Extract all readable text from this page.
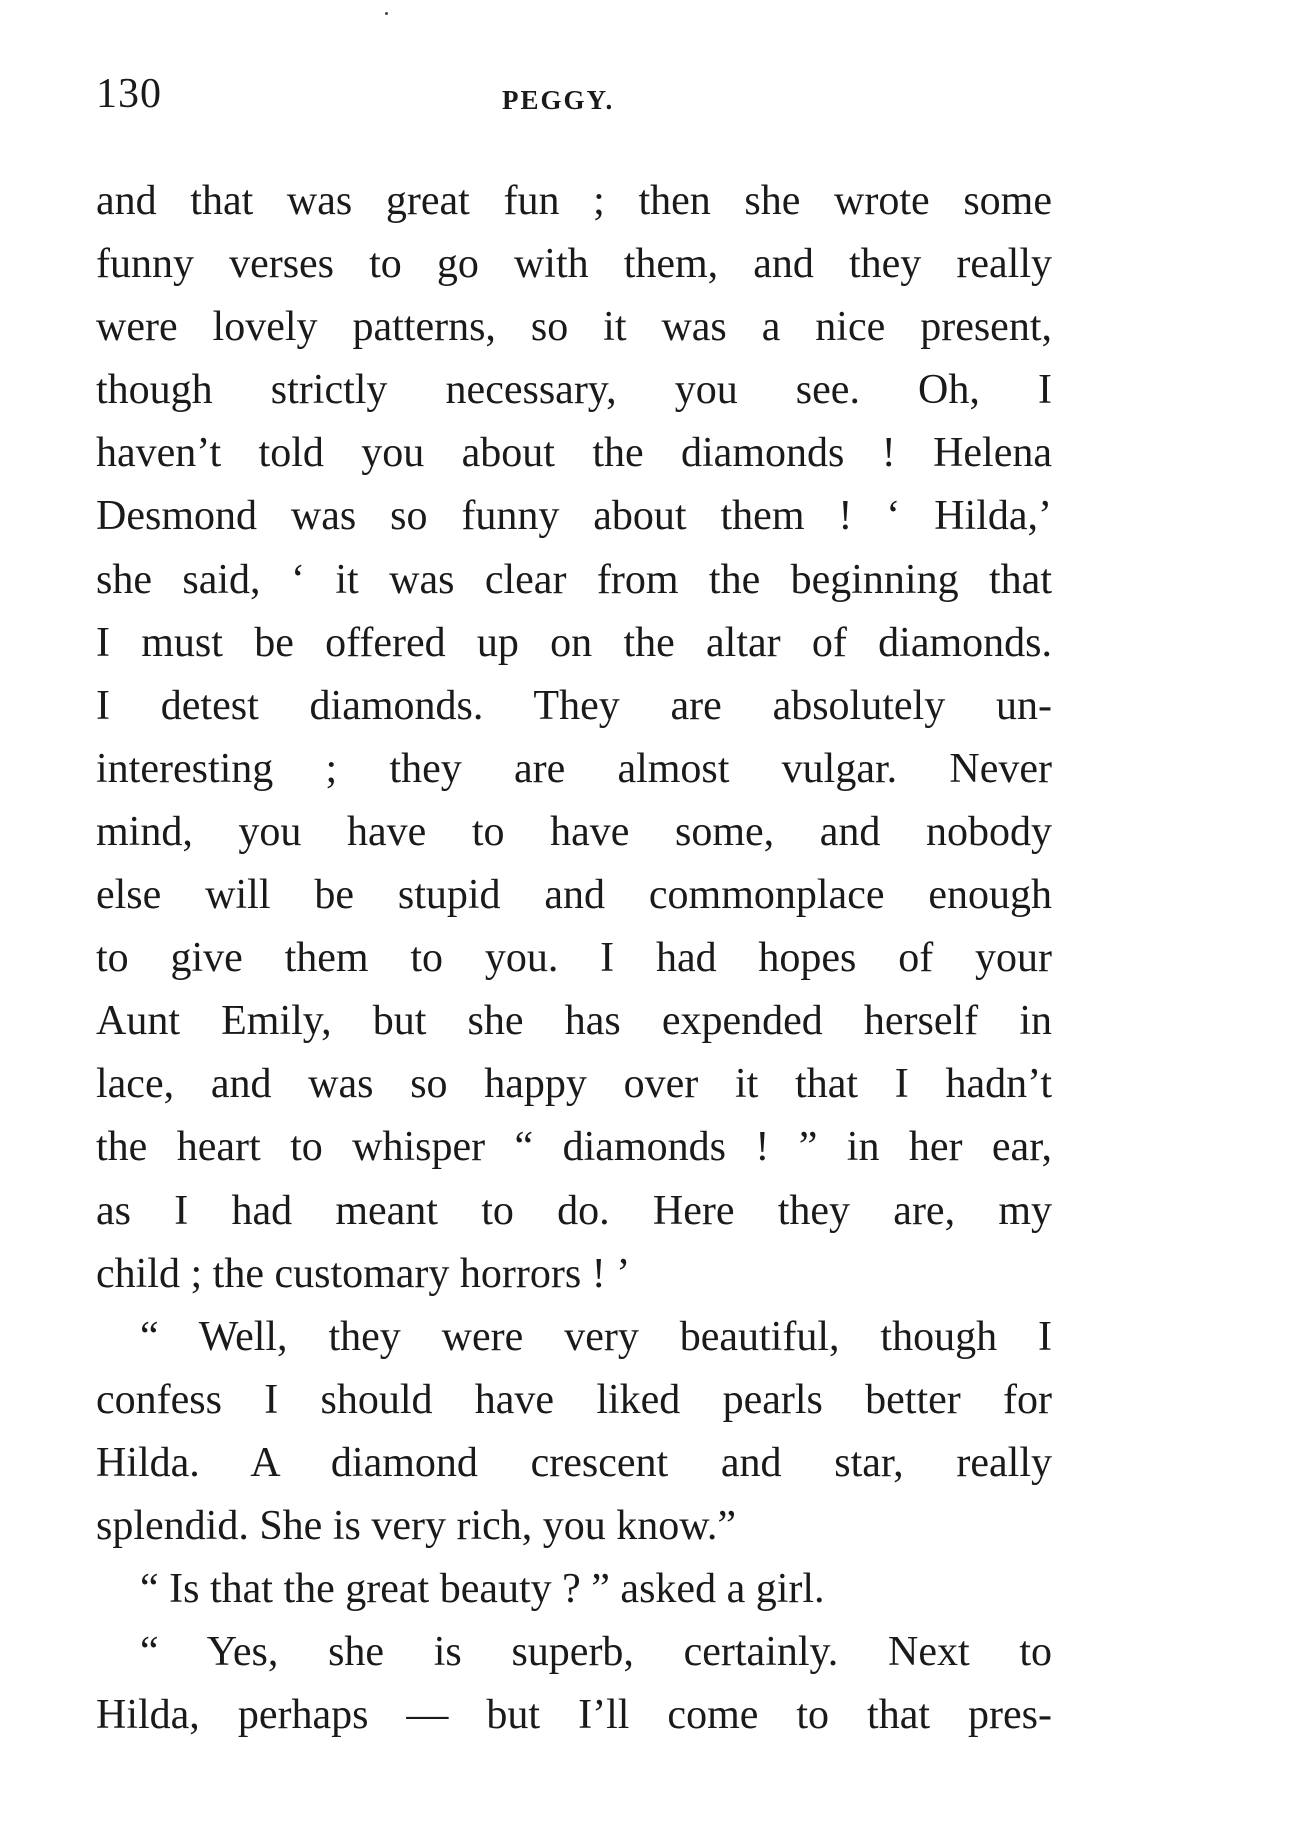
130	PEGGY.
and that was great fun ; then she wrote some
funny verses to go with them, and they really
were lovely patterns, so it was a nice present,
though strictly necessary, you see. Oh, I
haven’t told you about the diamonds ! Helena
Desmond was so funny about them ! ‘ Hilda,’
she said, ‘ it was clear from the beginning that
I must be offered up on the altar of diamonds.
I detest diamonds. They are absolutely un-
interesting ; they are almost vulgar. Never
mind, you have to have some, and nobody
else will be stupid and commonplace enough
to give them to you. I had hopes of your
Aunt Emily, but she has expended herself in
lace, and was so happy over it that I hadn’t
the heart to whisper “ diamonds ! ” in her ear,
as I had meant to do. Here they are, my
child ; the customary horrors ! ’
“ Well, they were very beautiful, though I
confess I should have liked pearls better for
Hilda. A diamond crescent and star, really
splendid. She is very rich, you know.”
“ Is that the great beauty ? ” asked a girl.
“ Yes, she is superb, certainly. Next to
Hilda, perhaps — but I’ll come to that pres-
